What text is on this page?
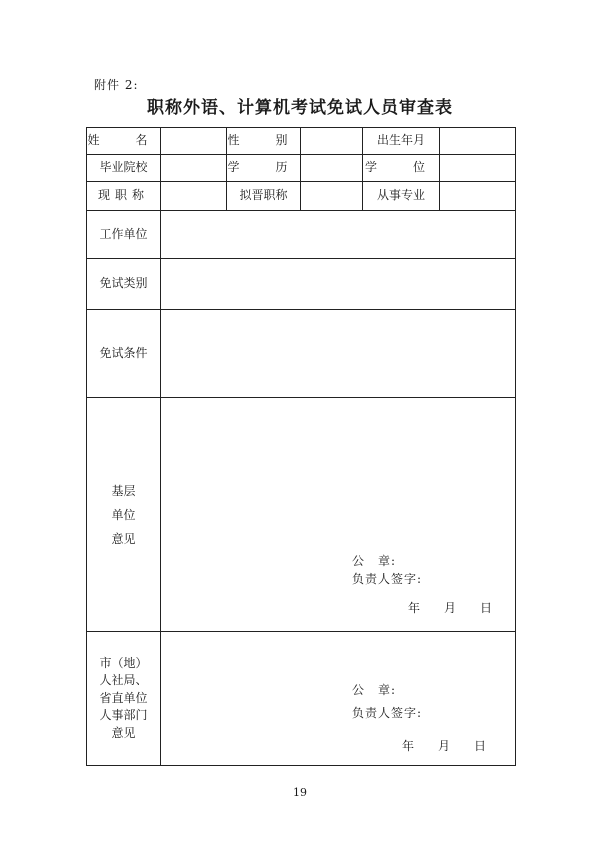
附件 2:
职称外语、计算机考试免试人员审查表
姓　名		性　别		出生年月	
毕业院校		学　历		学　位	
现职称		拟晋职称		从事专业	
工作单位					
免试类别					
免试条件					

基层
单位
意见					

市（地）
人社局、
省直单位
人事部门
意见					

公　章:
负责人签字:
年 月 日
公　章:
负责人签字:
年 月 日
19
